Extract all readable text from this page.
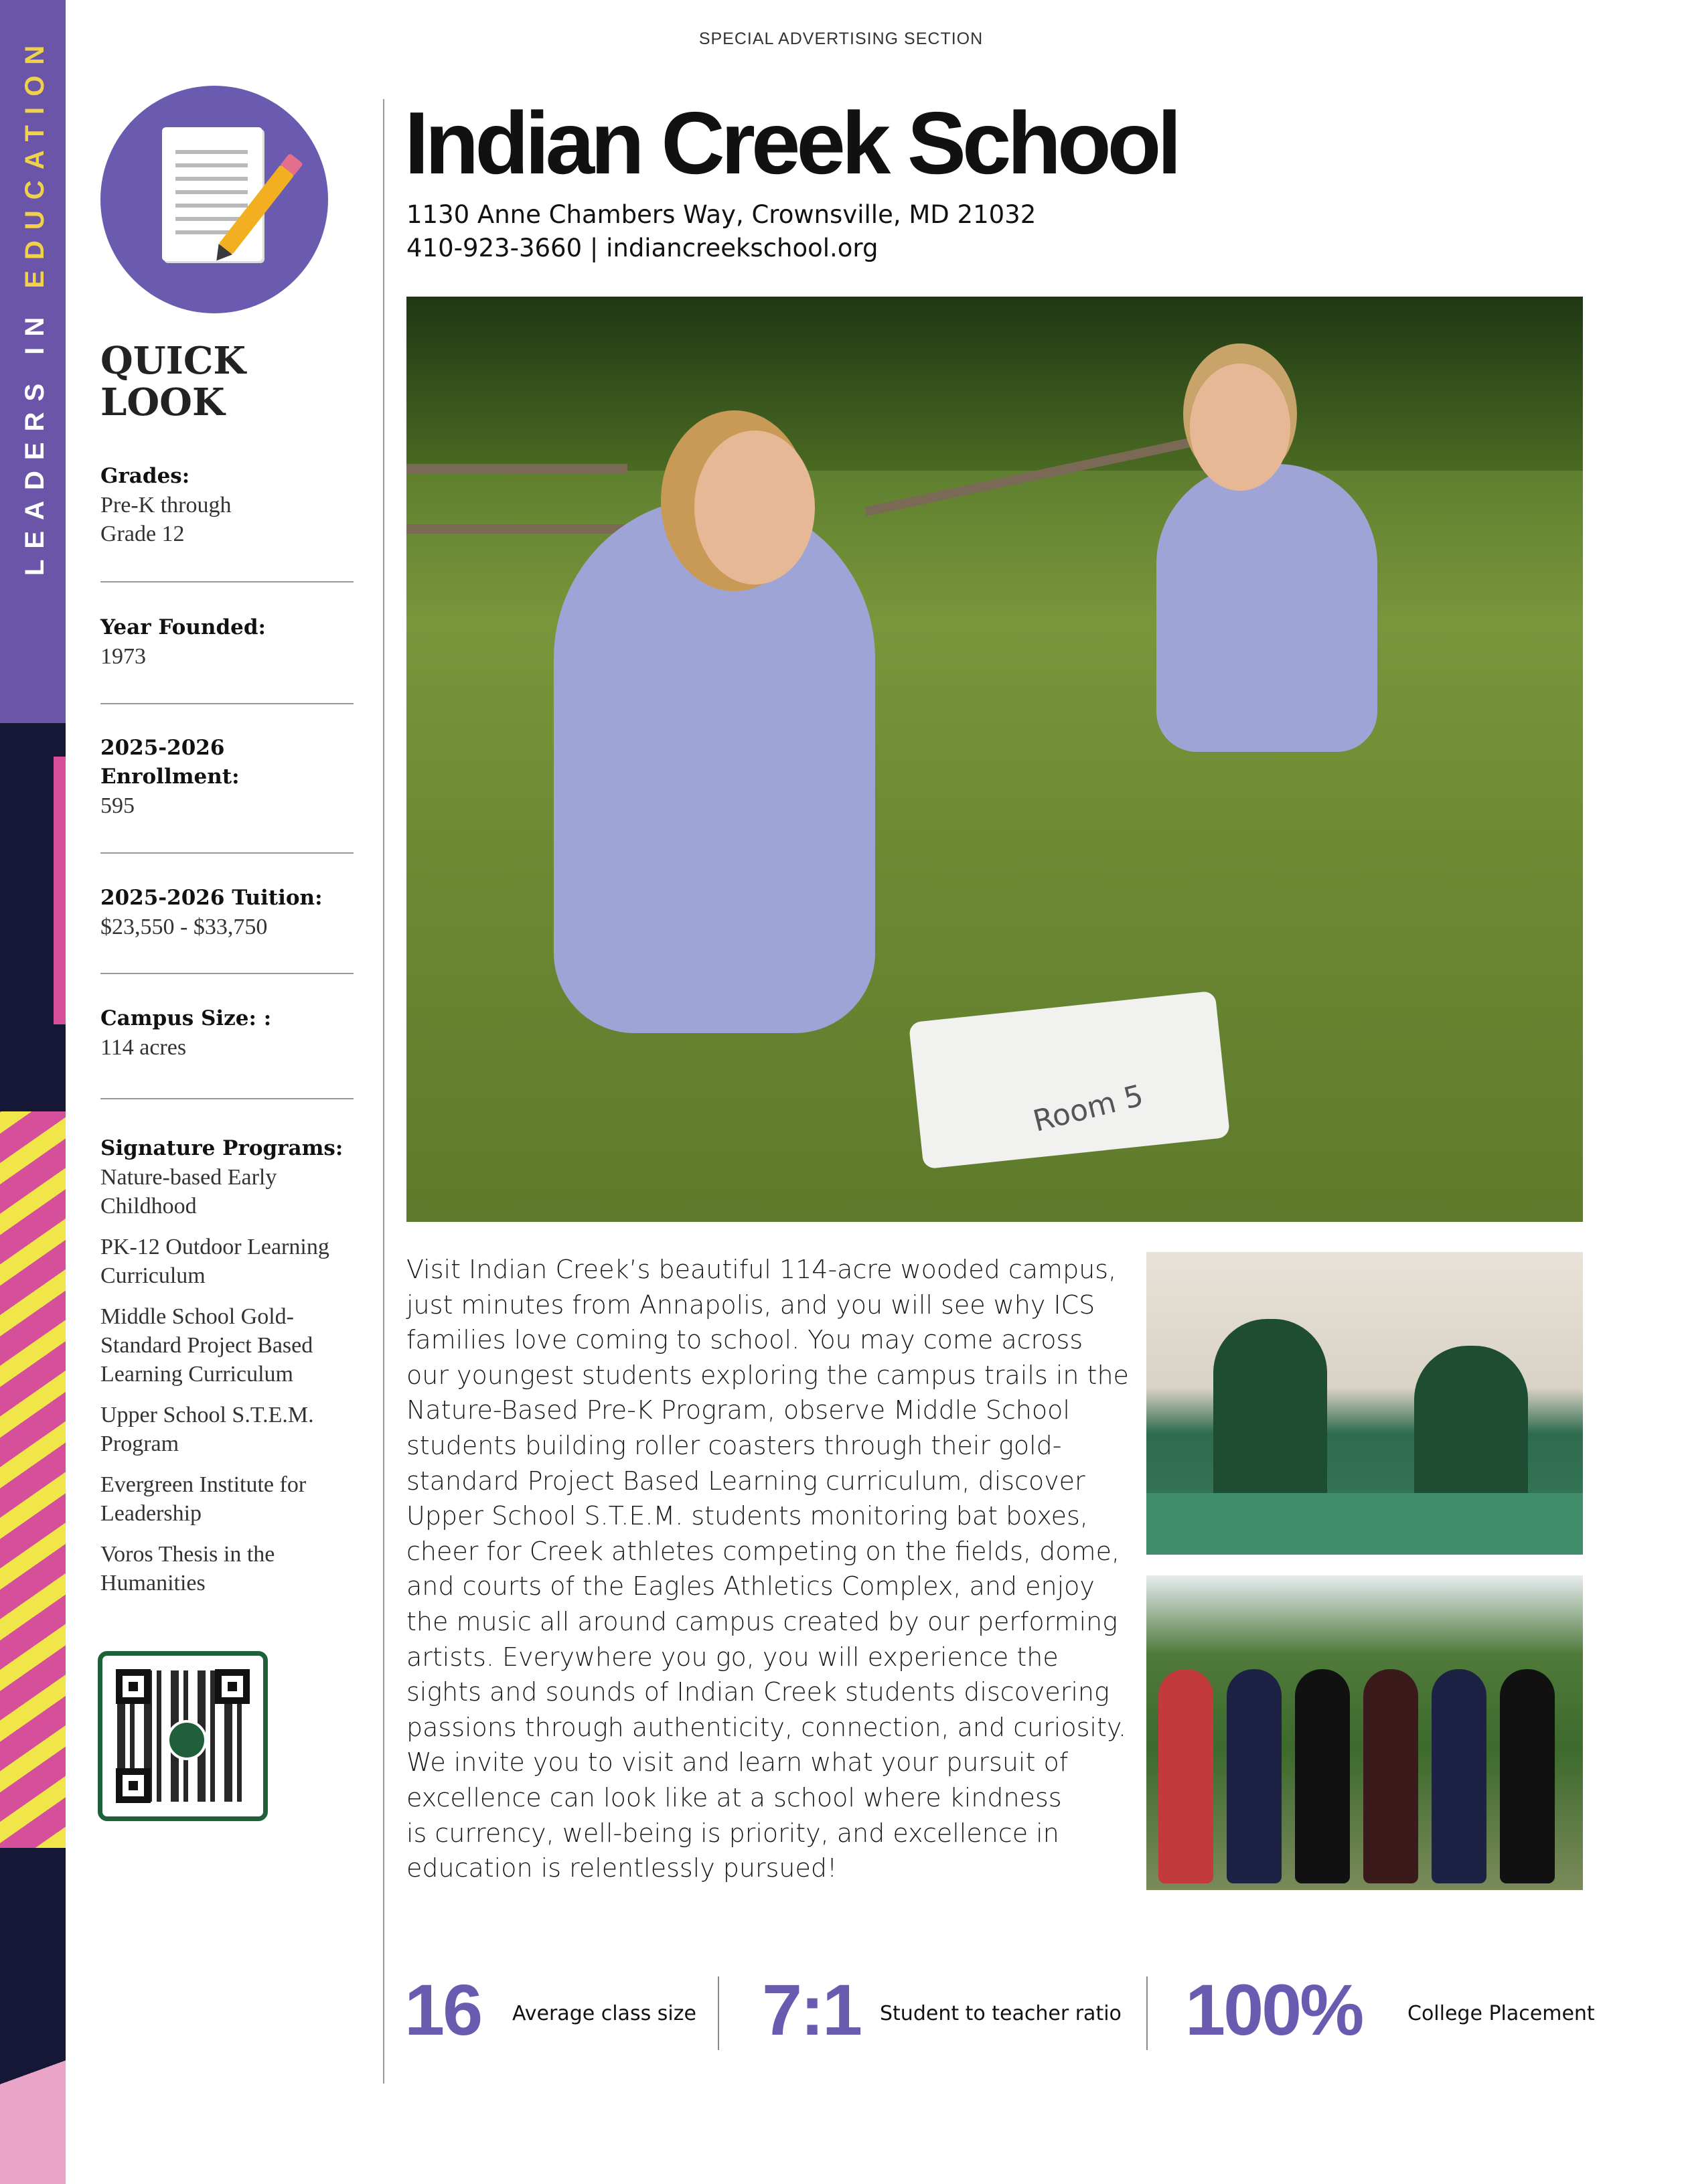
LEADERS IN EDUCATION	SPECIAL ADVERTISING SECTION
QUICK LOOK
Grades:
Pre-K through
Grade 12
Year Founded:
1973
2025-2026
Enrollment:
595
2025-2026 Tuition:
$23,550 - $33,750
Campus Size: :
114 acres
Signature Programs:
Nature-based Early
Childhood
PK-12 Outdoor Learning
Curriculum
Middle School Gold-
Standard Project Based
Learning Curriculum
Upper School S.T.E.M.
Program
Evergreen Institute for
Leadership
Voros Thesis in the
Humanities
Indian Creek School
1130 Anne Chambers Way, Crownsville, MD 21032
410-923-3660 | indiancreekschool.org
Room 5
Visit Indian Creek’s beautiful 114-acre wooded campus,
just minutes from Annapolis, and you will see why ICS
families love coming to school. You may come across
our youngest students exploring the campus trails in the
Nature-Based Pre-K Program, observe Middle School
students building roller coasters through their gold-
standard Project Based Learning curriculum, discover
Upper School S.T.E.M. students monitoring bat boxes,
cheer for Creek athletes competing on the fields, dome,
and courts of the Eagles Athletics Complex, and enjoy
the music all around campus created by our performing
artists. Everywhere you go, you will experience the
sights and sounds of Indian Creek students discovering
passions through authenticity, connection, and curiosity.
We invite you to visit and learn what your pursuit of
excellence can look like at a school where kindness
is currency, well-being is priority, and excellence in
education is relentlessly pursued!
16 Average class size 7:1 Student to teacher ratio 100% College Placement
